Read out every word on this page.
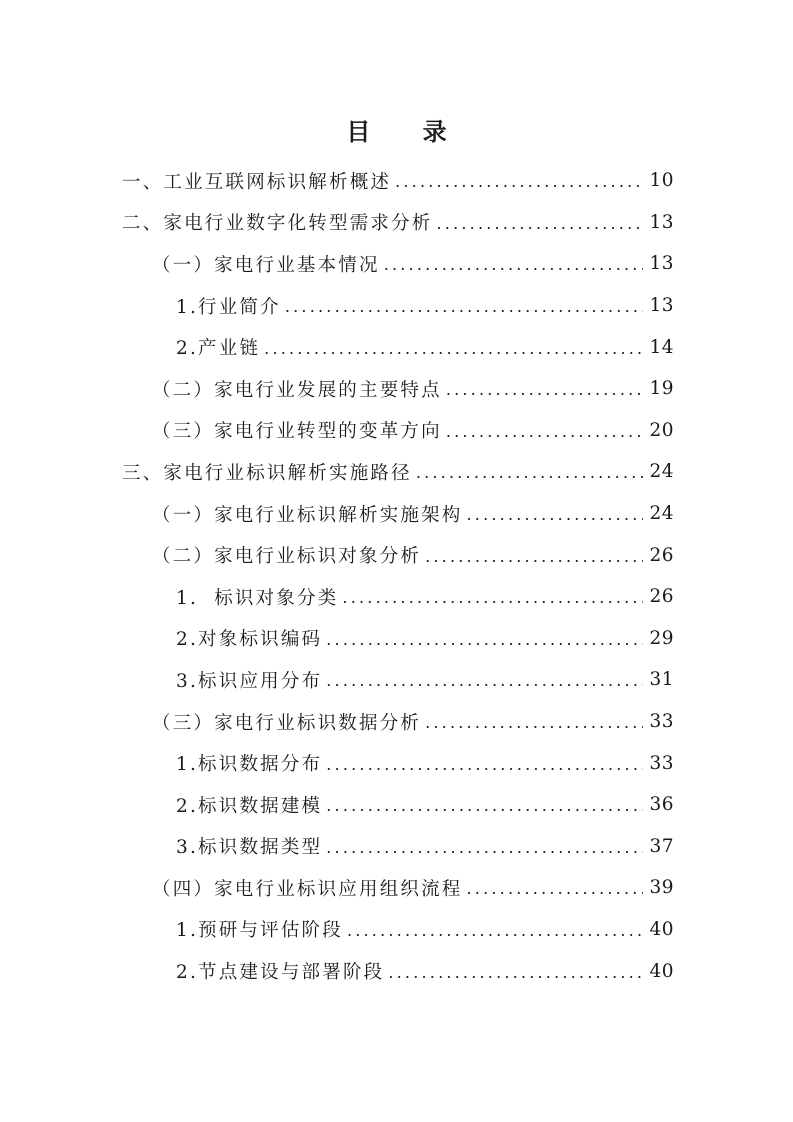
目 录
一、工业互联网标识解析概述 .....	10
二、家电行业数字化转型需求分析 .....	13
（一）家电行业基本情况 .....	13
1.行业简介 .....	13
2.产业链 .....	14
（二）家电行业发展的主要特点 .....	19
（三）家电行业转型的变革方向 .....	20
三、家电行业标识解析实施路径 .....	24
（一）家电行业标识解析实施架构 .....	24
（二）家电行业标识对象分析 .....	26
1.  标识对象分类 .....	26
2.对象标识编码 .....	29
3.标识应用分布 .....	31
（三）家电行业标识数据分析 .....	33
1.标识数据分布 .....	33
2.标识数据建模 .....	36
3.标识数据类型 .....	37
（四）家电行业标识应用组织流程 .....	39
1.预研与评估阶段 .....	40
2.节点建设与部署阶段 .....	40
